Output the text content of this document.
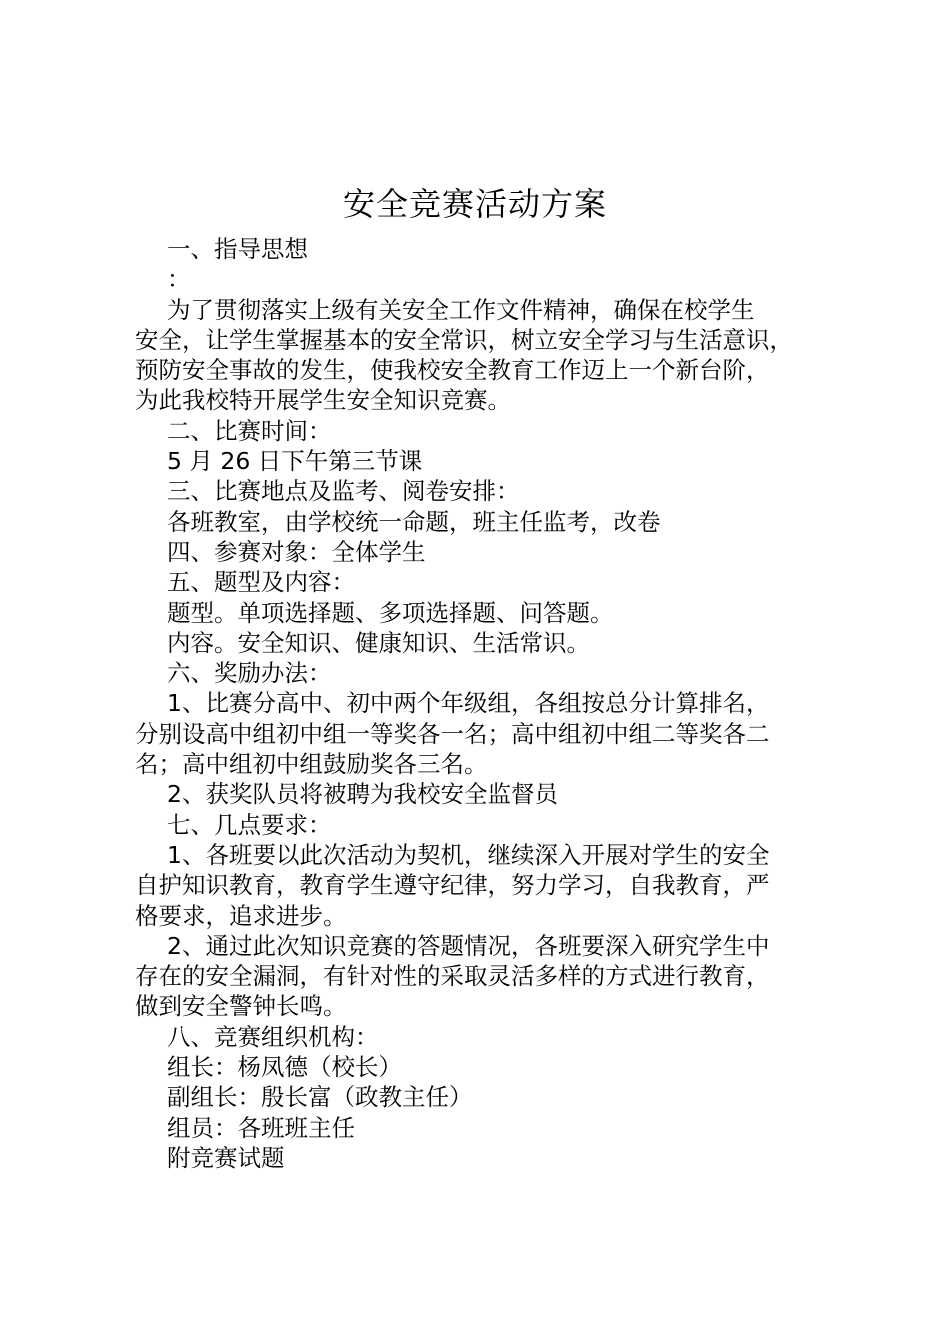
安全竞赛活动方案

一、指导思想

：

为了贯彻落实上级有关安全工作文件精神，确保在校学生

安全，让学生掌握基本的安全常识，树立安全学习与生活意识，

预防安全事故的发生，使我校安全教育工作迈上一个新台阶，

为此我校特开展学生安全知识竞赛。

二、比赛时间：

5 月 26 日下午第三节课

三、比赛地点及监考、阅卷安排：

各班教室，由学校统一命题，班主任监考，改卷

四、参赛对象：全体学生

五、题型及内容：

题型。单项选择题、多项选择题、问答题。

内容。安全知识、健康知识、生活常识。

六、奖励办法：

1、比赛分高中、初中两个年级组，各组按总分计算排名，

分别设高中组初中组一等奖各一名；高中组初中组二等奖各二

名；高中组初中组鼓励奖各三名。

2、获奖队员将被聘为我校安全监督员

七、几点要求：

1、各班要以此次活动为契机，继续深入开展对学生的安全

自护知识教育，教育学生遵守纪律，努力学习，自我教育，严

格要求，追求进步。

2、通过此次知识竞赛的答题情况，各班要深入研究学生中

存在的安全漏洞，有针对性的采取灵活多样的方式进行教育，

做到安全警钟长鸣。

八、竞赛组织机构：

组长：杨凤德（校长）

副组长：殷长富（政教主任）

组员：各班班主任

附竞赛试题
